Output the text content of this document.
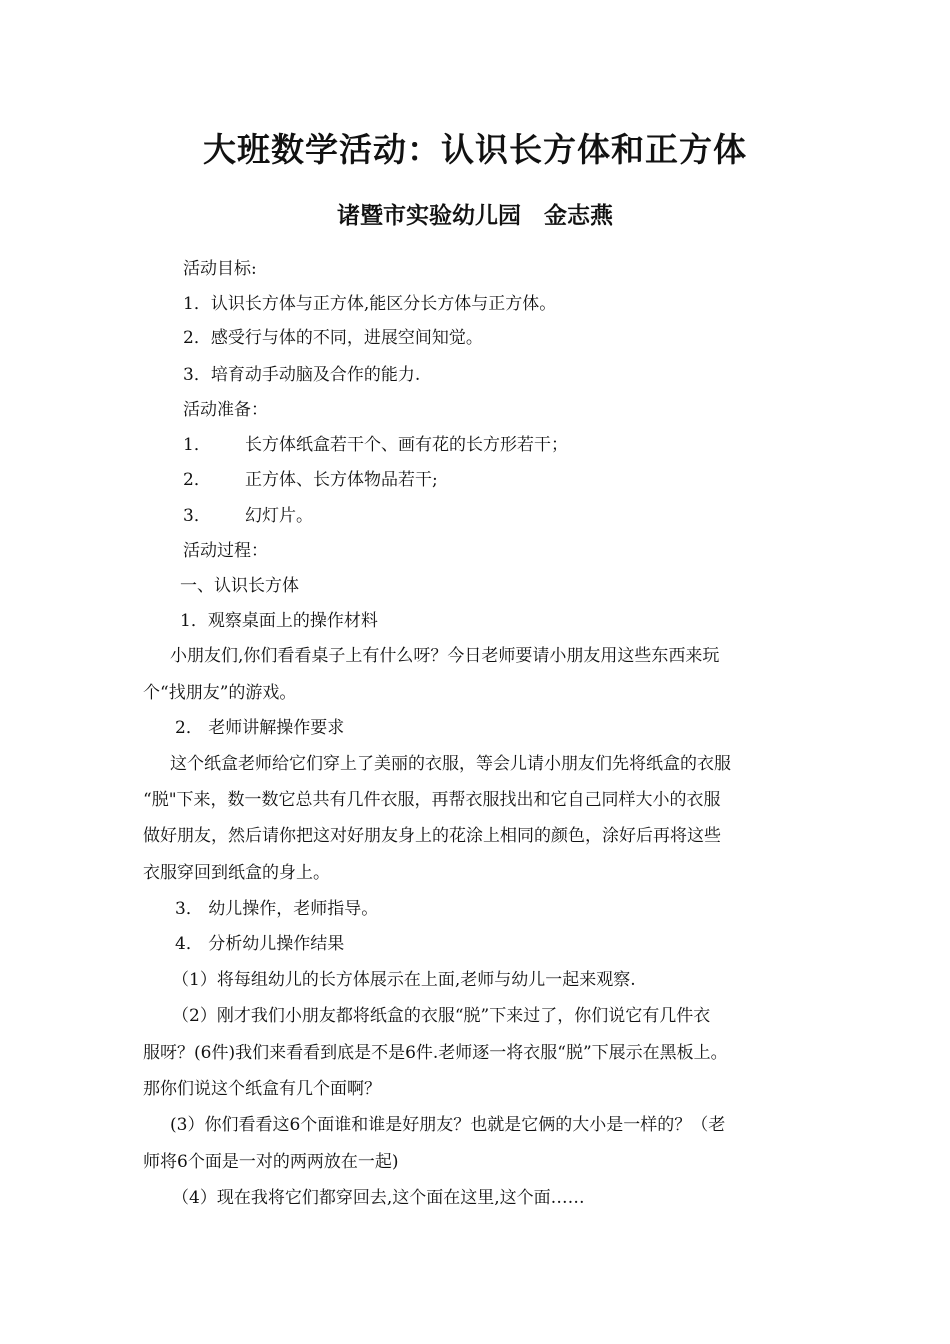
大班数学活动：认识长方体和正方体
诸暨市实验幼儿园　金志燕
活动目标:
1．认识长方体与正方体,能区分长方体与正方体。
2．感受行与体的不同，进展空间知觉。
3．培育动手动脑及合作的能力.
活动准备：
1． 长方体纸盒若干个、画有花的长方形若干；
2． 正方体、长方体物品若干;
3． 幻灯片。
活动过程：
一、认识长方体
1．观察桌面上的操作材料
小朋友们,你们看看桌子上有什么呀？今日老师要请小朋友用这些东西来玩
个“找朋友”的游戏。
2． 老师讲解操作要求
这个纸盒老师给它们穿上了美丽的衣服，等会儿请小朋友们先将纸盒的衣服
“脱"下来，数一数它总共有几件衣服，再帮衣服找出和它自己同样大小的衣服
做好朋友，然后请你把这对好朋友身上的花涂上相同的颜色，涂好后再将这些
衣服穿回到纸盒的身上。
3． 幼儿操作，老师指导。
4． 分析幼儿操作结果
（1）将每组幼儿的长方体展示在上面,老师与幼儿一起来观察.
（2）刚才我们小朋友都将纸盒的衣服“脱”下来过了，你们说它有几件衣
服呀？(6件)我们来看看到底是不是6件.老师逐一将衣服“脱”下展示在黑板上。
那你们说这个纸盒有几个面啊？
(3）你们看看这6个面谁和谁是好朋友？也就是它俩的大小是一样的？（老
师将6个面是一对的两两放在一起)
（4）现在我将它们都穿回去,这个面在这里,这个面……
